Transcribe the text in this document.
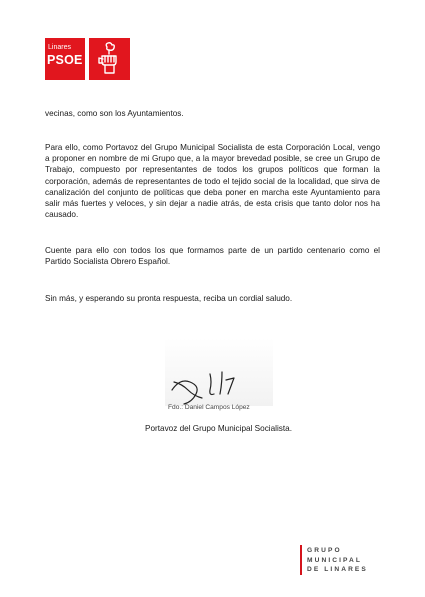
Linares
PSOE
vecinas, como son los Ayuntamientos.
Para ello, como Portavoz del Grupo Municipal Socialista de esta Corporación Local, vengo a proponer en nombre de mi Grupo que, a la mayor brevedad posible, se cree un Grupo de Trabajo, compuesto por representantes de todos los grupos políticos que forman la corporación, además de representantes de todo el tejido social de la localidad, que sirva de canalización del conjunto de políticas que deba poner en marcha este Ayuntamiento para salir más fuertes y veloces, y sin dejar a nadie atrás, de esta crisis que tanto dolor nos ha causado.
Cuente para ello con todos los que formamos parte de un partido centenario como el Partido Socialista Obrero Español.
Sin más, y esperando su pronta respuesta, reciba un cordial saludo.
Fdo.: Daniel Campos López
Portavoz del Grupo Municipal Socialista.
GRUPO
MUNICIPAL
DE LINARES
